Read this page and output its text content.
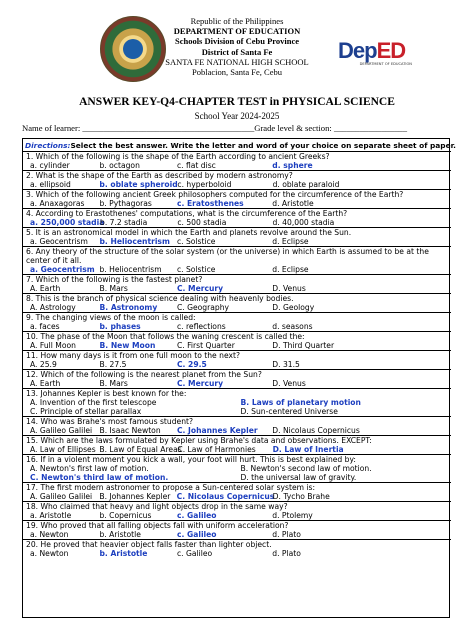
Republic of the Philippines
DEPARTMENT OF EDUCATION
Schools Division of Cebu Province
District of Santa Fe
SANTA FE NATIONAL HIGH SCHOOL
Poblacion, Santa Fe, Cebu
DepED
DEPARTMENT OF EDUCATION
ANSWER KEY-Q4-CHAPTER TEST in PHYSICAL SCIENCE
School Year 2024-2025
Name of learner: ________________________________________Grade level & section: _________________
Directions:Select the best answer. Write the letter and word of your choice on separate sheet of paper.
1. Which of the following is the shape of the Earth according to ancient Greeks?
a. cylinder	b. octagon	c. flat disc	d. sphere
2. What is the shape of the Earth as described by modern astronomy?
a. ellipsoid	b. oblate spheroid c. hyperboloid	d. oblate paraloid
3. Which of the following ancient Greek philosophers computed for the circumference of the Earth?
a. Anaxagoras	b. Pythagoras	c. Eratosthenes	d. Aristotle
4. According to Erastothenes' computations, what is the circumference of the Earth?
a. 250,000 stadia
b. 7.2 stadia	c. 500 stadia	d. 40,000 stadia
5. It is an astronomical model in which the Earth and planets revolve around the Sun.
a. Geocentrism	b. Heliocentrism c. Solstice	d. Eclipse
6. Any theory of the structure of the solar system (or the universe) in which Earth is assumed to be at the center of it all.
a. Geocentrism b. Heliocentrism	c. Solstice	d. Eclipse
7. Which of the following is the fastest planet?
A. Earth	B. Mars	C. Mercury	D. Venus
8. This is the branch of physical science dealing with heavenly bodies.
A. Astrology	B. Astronomy	C. Geography	D. Geology
9. The changing views of the moon is called:
a. faces	b. phases	c. reflections	d. seasons
10. The phase of the Moon that follows the waning crescent is called the:
A. Full Moon	B. New Moon	C. First Quarter	D. Third Quarter
11. How many days is it from one full moon to the next?
A. 25.9	B. 27.5	C. 29.5	D. 31.5
12. Which of the following is the nearest planet from the Sun?
A. Earth	B. Mars	C. Mercury	D. Venus
13. Johannes Kepler is best known for the:
A. Invention of the first telescope	B. Laws of planetary motion
C. Principle of stellar parallax	D. Sun-centered Universe
14. Who was Brahe's most famous student?
A. Galileo Galilei B. Isaac Newton	C. Johannes Kepler	D. Nicolaus Copernicus
15. Which are the laws formulated by Kepler using Brahe's data and observations. EXCEPT:
A. Law of Ellipses B. Law of Equal Areas
C. Law of Harmonies	D. Law of Inertia
16. If in a violent moment you kick a wall, your foot will hurt. This is best explained by:
A. Newton's first law of motion.	B. Newton's second law of motion.
C. Newton's third law of motion.	D. the universal law of gravity.
17. The first modern astronomer to propose a Sun-centered solar system is:
A. Galileo Galilei B. Johannes Kepler C. Nicolaus Copernicus
D. Tycho Brahe
18. Who claimed that heavy and light objects drop in the same way?
a. Aristotle	b. Copernicus	c. Galileo	d. Ptolemy
19. Who proved that all falling objects fall with uniform acceleration?
a. Newton	b. Aristotle	c. Galileo	d. Plato
20. He proved that heavier object falls faster than lighter object.
a. Newton	b. Aristotle	c. Galileo	d. Plato
